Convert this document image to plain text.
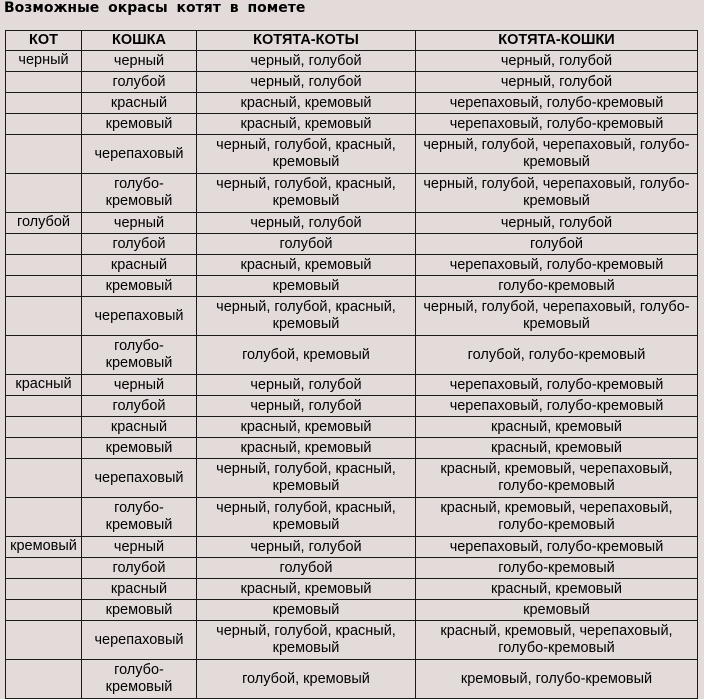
Возможные окрасы котят в помете
КОТ	КОШКА	КОТЯТА-КОТЫ	КОТЯТА-КОШКИ
черный	черный	черный, голубой	черный, голубой
	голубой	черный, голубой	черный, голубой
	красный	красный, кремовый	черепаховый, голубо-кремовый
	кремовый	красный, кремовый	черепаховый, голубо-кремовый
	черепаховый	черный, голубой, красный, кремовый	черный, голубой, черепаховый, голубо-кремовый
	голубо-кремовый	черный, голубой, красный, кремовый	черный, голубой, черепаховый, голубо-кремовый
голубой	черный	черный, голубой	черный, голубой
	голубой	голубой	голубой
	красный	красный, кремовый	черепаховый, голубо-кремовый
	кремовый	кремовый	голубо-кремовый
	черепаховый	черный, голубой, красный, кремовый	черный, голубой, черепаховый, голубо-кремовый
	голубо-кремовый	голубой, кремовый	голубой, голубо-кремовый
красный	черный	черный, голубой	черепаховый, голубо-кремовый
	голубой	черный, голубой	черепаховый, голубо-кремовый
	красный	красный, кремовый	красный, кремовый
	кремовый	красный, кремовый	красный, кремовый
	черепаховый	черный, голубой, красный, кремовый	красный, кремовый, черепаховый, голубо-кремовый
	голубо-кремовый	черный, голубой, красный, кремовый	красный, кремовый, черепаховый, голубо-кремовый
кремовый	черный	черный, голубой	черепаховый, голубо-кремовый
	голубой	голубой	голубо-кремовый
	красный	красный, кремовый	красный, кремовый
	кремовый	кремовый	кремовый
	черепаховый	черный, голубой, красный, кремовый	красный, кремовый, черепаховый, голубо-кремовый
	голубо-кремовый	голубой, кремовый	кремовый, голубо-кремовый
